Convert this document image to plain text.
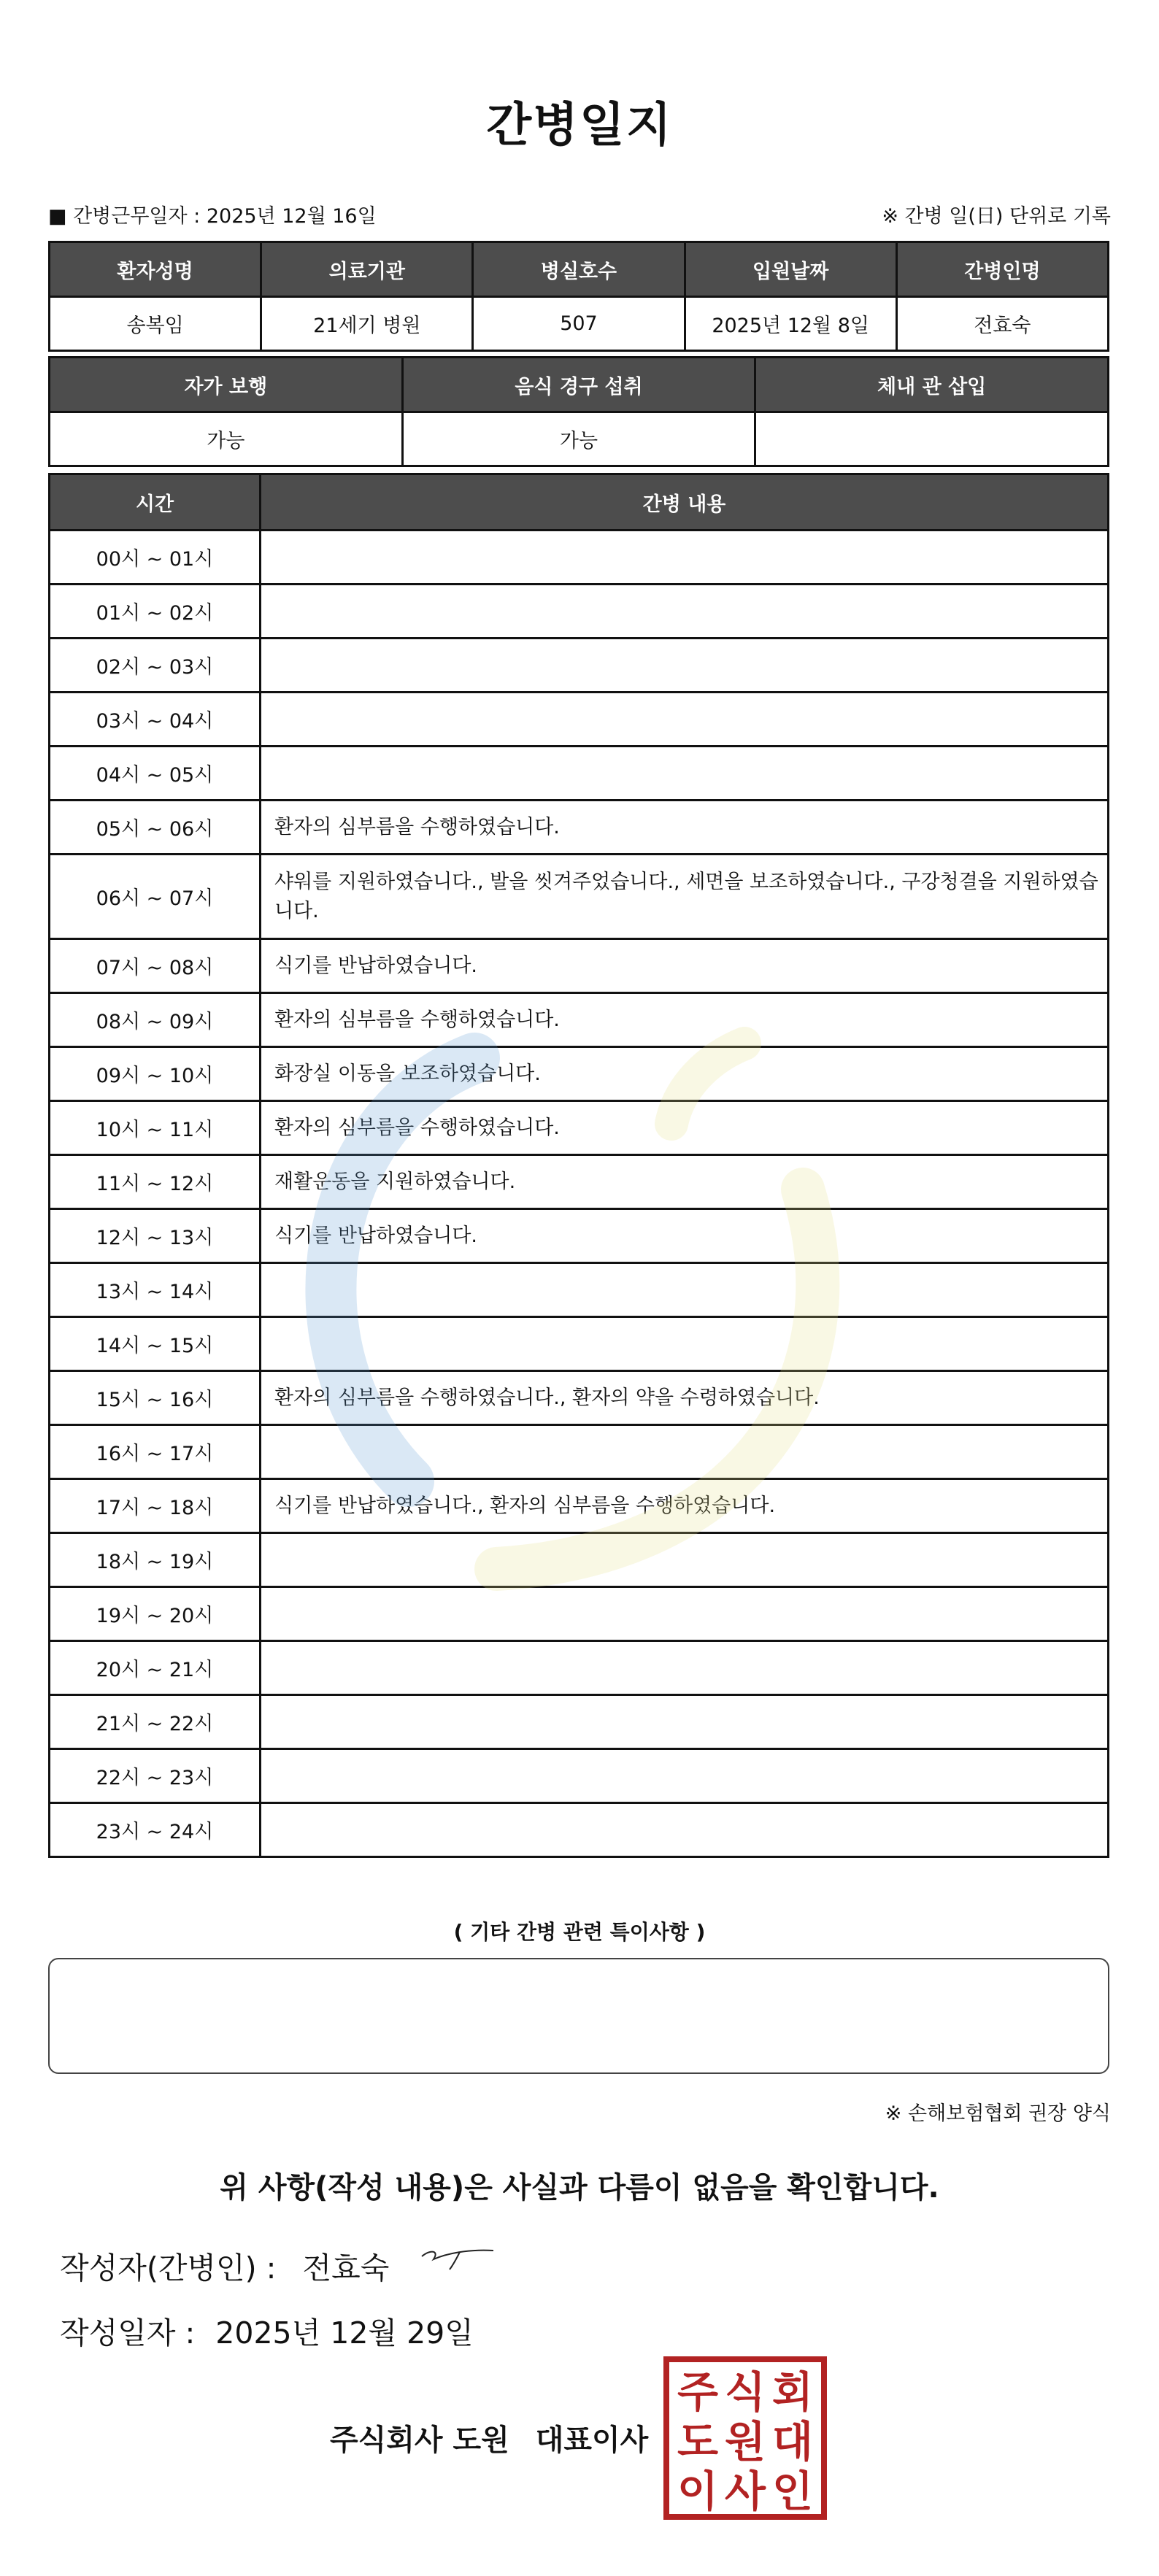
간병일지
■ 간병근무일자 : 2025년 12월 16일	※ 간병 일(日) 단위로 기록
환자성명	의료기관	병실호수	입원날짜	간병인명
송복임	21세기 병원	507	2025년 12월 8일	전효숙
자가 보행	음식 경구 섭취	체내 관 삽입
가능	가능	
시간	간병 내용
00시 ~ 01시	
01시 ~ 02시	
02시 ~ 03시	
03시 ~ 04시	
04시 ~ 05시	
05시 ~ 06시	환자의 심부름을 수행하였습니다.
06시 ~ 07시	샤워를 지원하였습니다., 발을 씻겨주었습니다., 세면을 보조하였습니다., 구강청결을 지원하였습니다.
07시 ~ 08시	식기를 반납하였습니다.
08시 ~ 09시	환자의 심부름을 수행하였습니다.
09시 ~ 10시	화장실 이동을 보조하였습니다.
10시 ~ 11시	환자의 심부름을 수행하였습니다.
11시 ~ 12시	재활운동을 지원하였습니다.
12시 ~ 13시	식기를 반납하였습니다.
13시 ~ 14시	
14시 ~ 15시	
15시 ~ 16시	환자의 심부름을 수행하였습니다., 환자의 약을 수령하였습니다.
16시 ~ 17시	
17시 ~ 18시	식기를 반납하였습니다., 환자의 심부름을 수행하였습니다.
18시 ~ 19시	
19시 ~ 20시	
20시 ~ 21시	
21시 ~ 22시	
22시 ~ 23시	
23시 ~ 24시	
( 기타 간병 관련 특이사항 )
※ 손해보험협회 권장 양식
위 사항(작성 내용)은 사실과 다름이 없음을 확인합니다.
작성자(간병인) : 전효숙
작성일자 : 2025년 12월 29일
주식회사 도원 대표이사
주 식 회
도 원 대
이 사 인
